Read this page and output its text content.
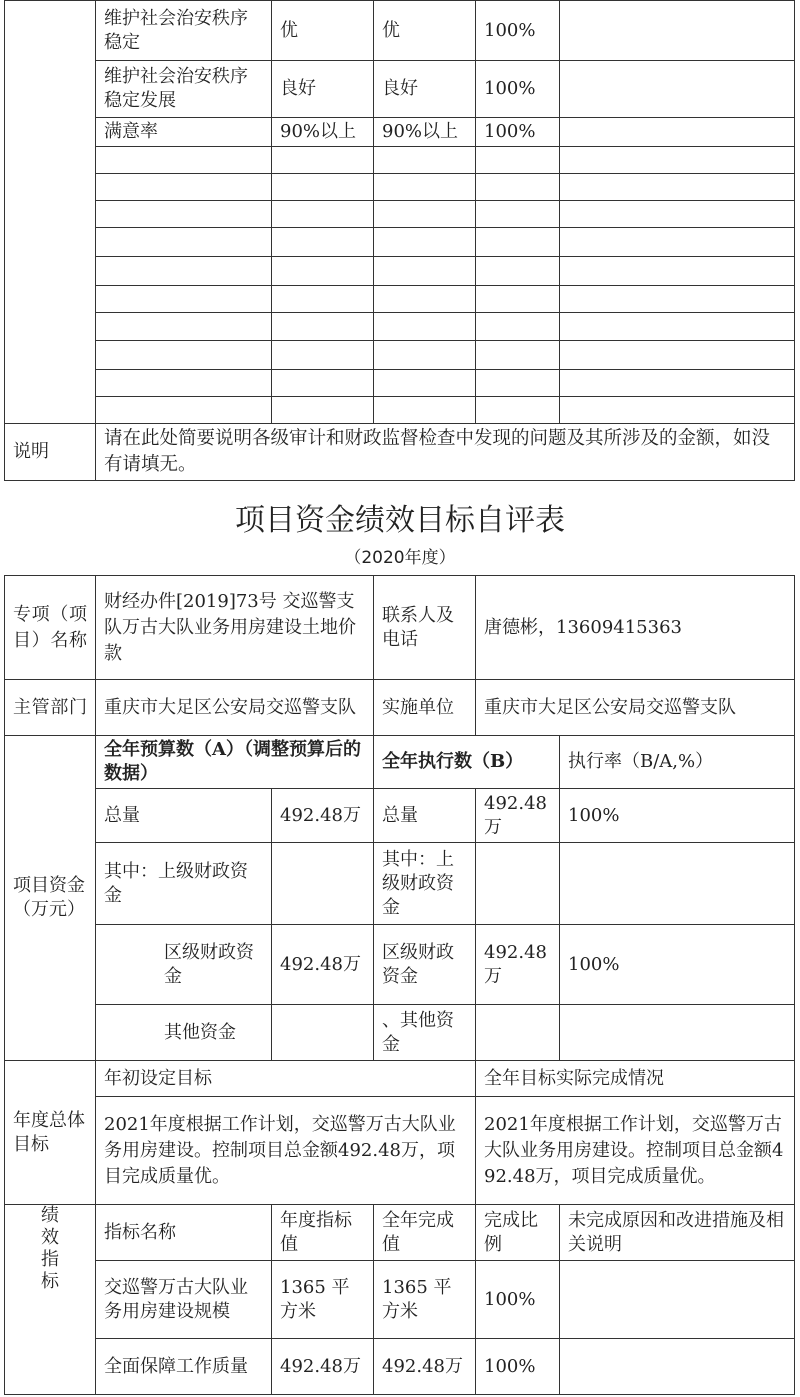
	维护社会治安秩序稳定	优	优	100%	
	维护社会治安秩序稳定发展	良好	良好	100%	
	满意率	90%以上	90%以上	100%	

说明	请在此处简要说明各级审计和财政监督检查中发现的问题及其所涉及的金额，如没有请填无。				
项目资金绩效目标自评表
（2020年度）
专项（项目）名称	财经办件[2019]73号 交巡警支队万古大队业务用房建设土地价款		联系人及电话	唐德彬，13609415363	
主管部门	重庆市大足区公安局交巡警支队		实施单位	重庆市大足区公安局交巡警支队	
项目资金（万元）	全年预算数（A）（调整预算后的数据）		全年执行数（B）		执行率（B/A,%）
	总量	492.48万	总量	492.48万	100%
	其中：上级财政资金		其中：上级财政资金		
	区级财政资金	492.48万	区级财政资金	492.48万	100%
	其他资金		、其他资金		
年度总体目标	年初设定目标			全年目标实际完成情况	
	2021年度根据工作计划，交巡警万古大队业务用房建设。控制项目总金额492.48万，项目完成质量优。			2021年度根据工作计划，交巡警万古大队业务用房建设。控制项目总金额492.48万，项目完成质量优。	
绩效指标	指标名称	年度指标值	全年完成值	完成比例	未完成原因和改进措施及相关说明
	交巡警万古大队业务用房建设规模	1365 平方米	1365 平方米	100%	
	全面保障工作质量	492.48万	492.48万	100%	
